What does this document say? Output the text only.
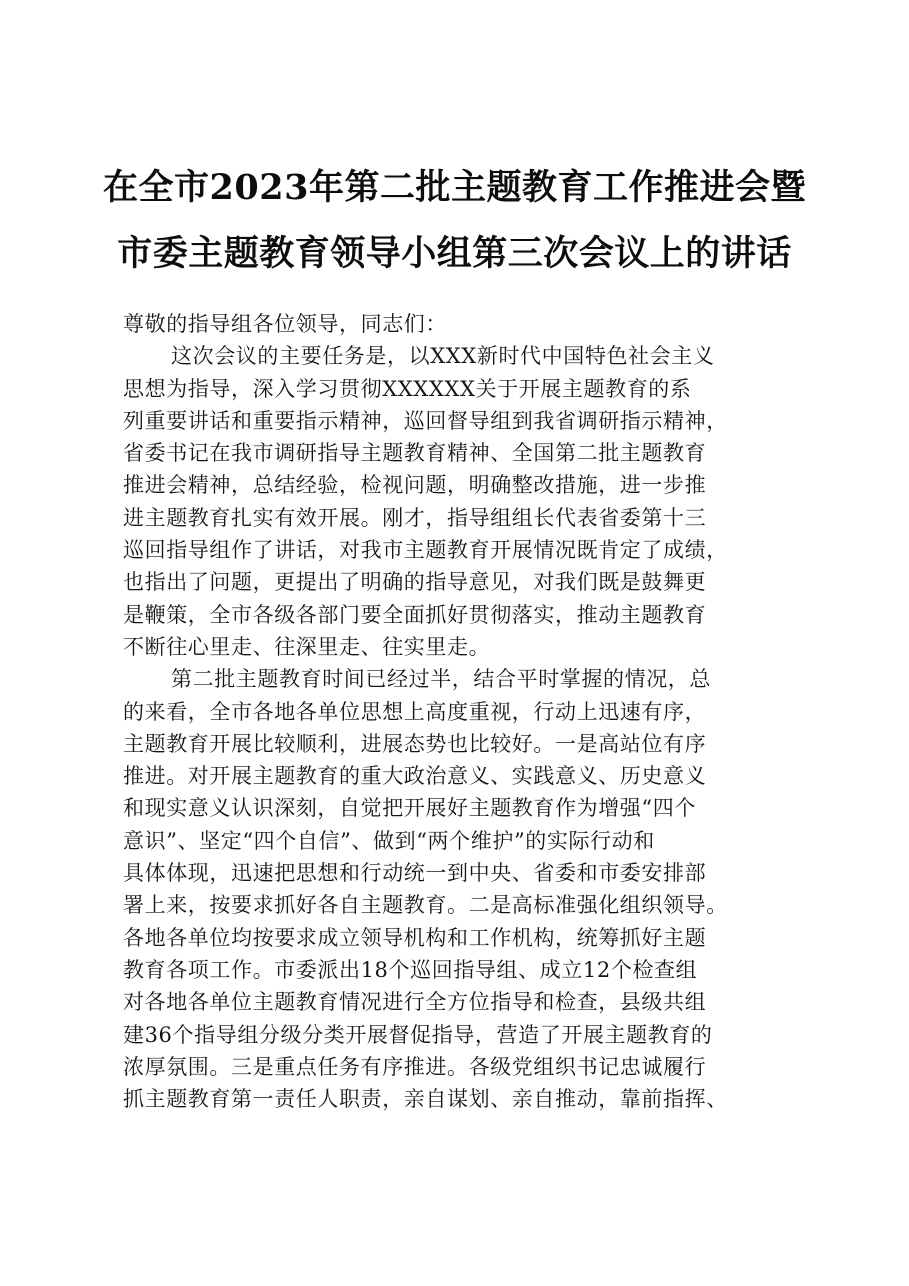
在全市2023年第二批主题教育工作推进会暨
市委主题教育领导小组第三次会议上的讲话
尊敬的指导组各位领导，同志们：
这次会议的主要任务是，以XXX新时代中国特色社会主义
思想为指导，深入学习贯彻XXXXXX关于开展主题教育的系
列重要讲话和重要指示精神，巡回督导组到我省调研指示精神，
省委书记在我市调研指导主题教育精神、全国第二批主题教育
推进会精神，总结经验，检视问题，明确整改措施，进一步推
进主题教育扎实有效开展。刚才，指导组组长代表省委第十三
巡回指导组作了讲话，对我市主题教育开展情况既肯定了成绩，
也指出了问题，更提出了明确的指导意见，对我们既是鼓舞更
是鞭策，全市各级各部门要全面抓好贯彻落实，推动主题教育
不断往心里走、往深里走、往实里走。
第二批主题教育时间已经过半，结合平时掌握的情况，总
的来看，全市各地各单位思想上高度重视，行动上迅速有序，
主题教育开展比较顺利，进展态势也比较好。一是高站位有序
推进。对开展主题教育的重大政治意义、实践意义、历史意义
和现实意义认识深刻，自觉把开展好主题教育作为增强“四个
意识”、坚定“四个自信”、做到“两个维护”的实际行动和
具体体现，迅速把思想和行动统一到中央、省委和市委安排部
署上来，按要求抓好各自主题教育。二是高标准强化组织领导。
各地各单位均按要求成立领导机构和工作机构，统筹抓好主题
教育各项工作。市委派出18个巡回指导组、成立12个检查组
对各地各单位主题教育情况进行全方位指导和检查，县级共组
建36个指导组分级分类开展督促指导，营造了开展主题教育的
浓厚氛围。三是重点任务有序推进。各级党组织书记忠诚履行
抓主题教育第一责任人职责，亲自谋划、亲自推动，靠前指挥、
